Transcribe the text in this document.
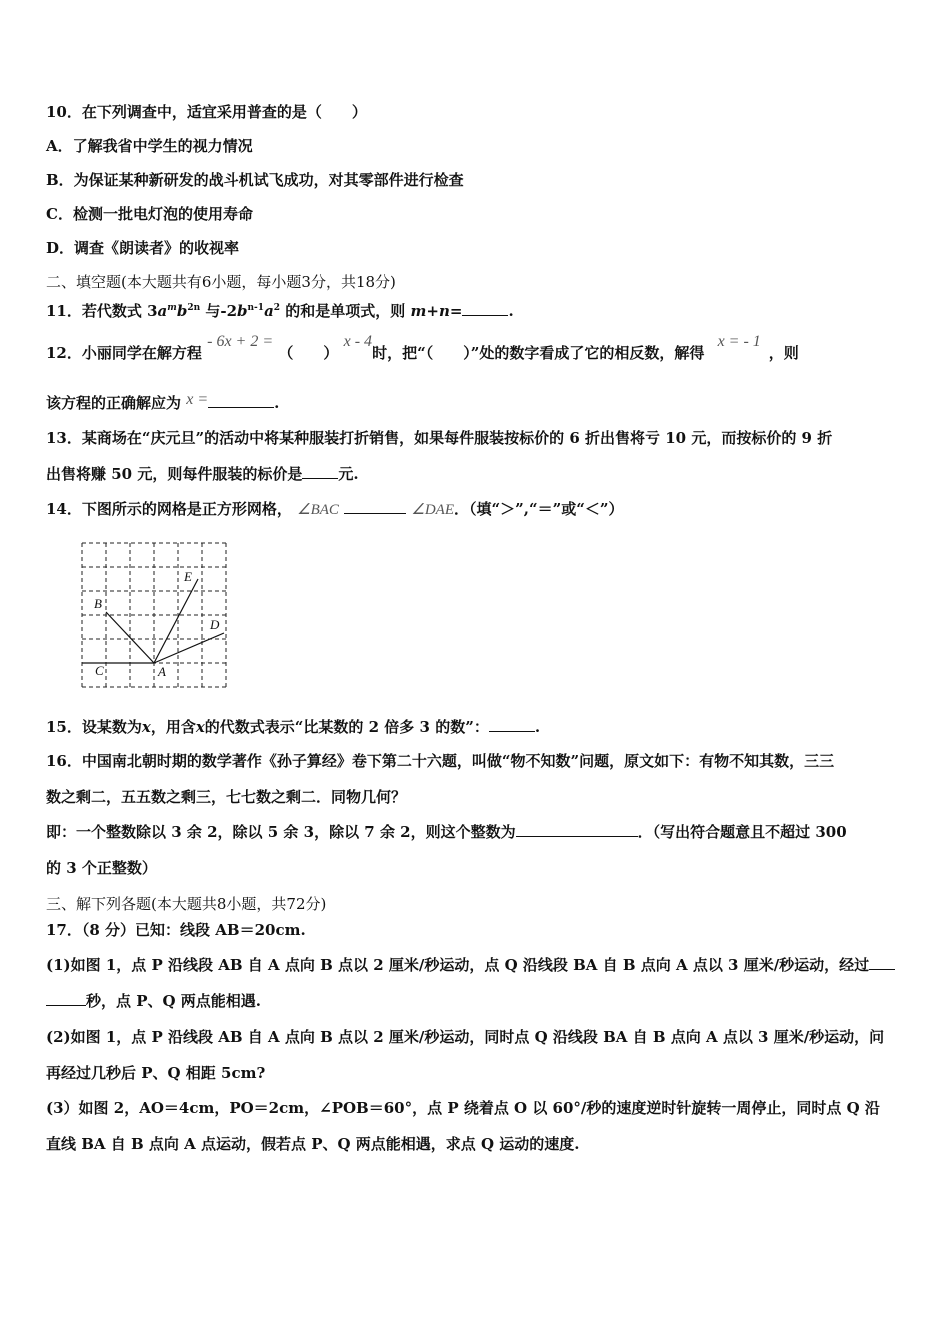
10．在下列调查中，适宜采用普查的是（　　）
A．了解我省中学生的视力情况
B．为保证某种新研发的战斗机试飞成功，对其零部件进行检查
C．检测一批电灯泡的使用寿命
D．调查《朗读者》的收视率
二、填空题(本大题共有6小题，每小题3分，共18分)
11．若代数式 $3a^mb^{2n}$ 与$-2b^{n-1}a^2$ 的和是单项式，则 m+n=	.
12．小丽同学在解方程 - 6x + 2 = （　　） x - 4时，把“（　　）”处的数字看成了它的相反数，解得 x = - 1，则
该方程的正确解应为 x =	.
13．某商场在“庆元旦”的活动中将某种服装打折销售，如果每件服装按标价的 6 折出售将亏 10 元，而按标价的 9 折
出售将赚 50 元，则每件服装的标价是 元.
14．下图所示的网格是正方形网格， ∠BAC	∠DAE．（填“＞”,“＝”或“＜”）
E
B
D
C	A
15．设某数为x，用含x的代数式表示“比某数的 2 倍多 3 的数”：	.
16．中国南北朝时期的数学著作《孙子算经》卷下第二十六题，叫做“物不知数”问题，原文如下：有物不知其数，三三
数之剩二，五五数之剩三，七七数之剩二．同物几何？
即：一个整数除以 3 余 2，除以 5 余 3，除以 7 余 2，则这个整数为	．（写出符合题意且不超过 300
的 3 个正整数）
三、解下列各题(本大题共8小题，共72分)
17．（8 分）已知：线段 AB＝20cm.
(1)如图 1，点 P 沿线段 AB 自 A 点向 B 点以 2 厘米/秒运动，点 Q 沿线段 BA 自 B 点向 A 点以 3 厘米/秒运动，经过
秒，点 P、Q 两点能相遇.
(2)如图 1，点 P 沿线段 AB 自 A 点向 B 点以 2 厘米/秒运动，同时点 Q 沿线段 BA 自 B 点向 A 点以 3 厘米/秒运动，问
再经过几秒后 P、Q 相距 5cm?
(3）如图 2，AO＝4cm，PO＝2cm，∠POB＝60°，点 P 绕着点 O 以 60°/秒的速度逆时针旋转一周停止，同时点 Q 沿
直线 BA 自 B 点向 A 点运动，假若点 P、Q 两点能相遇，求点 Q 运动的速度.
